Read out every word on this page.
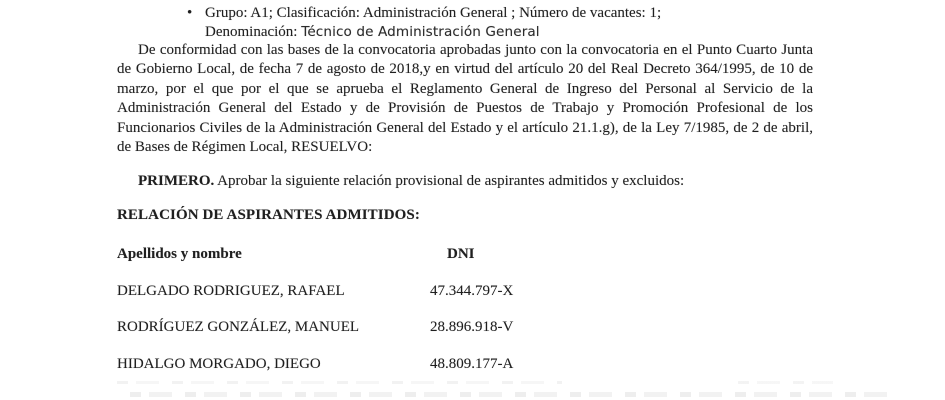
• Grupo: A1; Clasificación: Administración General ; Número de vacantes: 1;
Denominación: Técnico de Administración General
De conformidad con las bases de la convocatoria aprobadas junto con la convocatoria en el Punto Cuarto Junta de Gobierno Local, de fecha 7 de agosto de 2018,y en virtud del artículo 20 del Real Decreto 364/1995, de 10 de marzo, por el que por el que se aprueba el Reglamento General de Ingreso del Personal al Servicio de la Administración General del Estado y de Provisión de Puestos de Trabajo y Promoción Profesional de los Funcionarios Civiles de la Administración General del Estado y el artículo 21.1.g), de la Ley 7/1985, de 2 de abril, de Bases de Régimen Local, RESUELVO:
PRIMERO. Aprobar la siguiente relación provisional de aspirantes admitidos y excluidos:
RELACIÓN DE ASPIRANTES ADMITIDOS:
Apellidos y nombre	DNI
DELGADO RODRIGUEZ, RAFAEL	47.344.797-X
RODRÍGUEZ GONZÁLEZ, MANUEL	28.896.918-V
HIDALGO MORGADO, DIEGO	48.809.177-A
